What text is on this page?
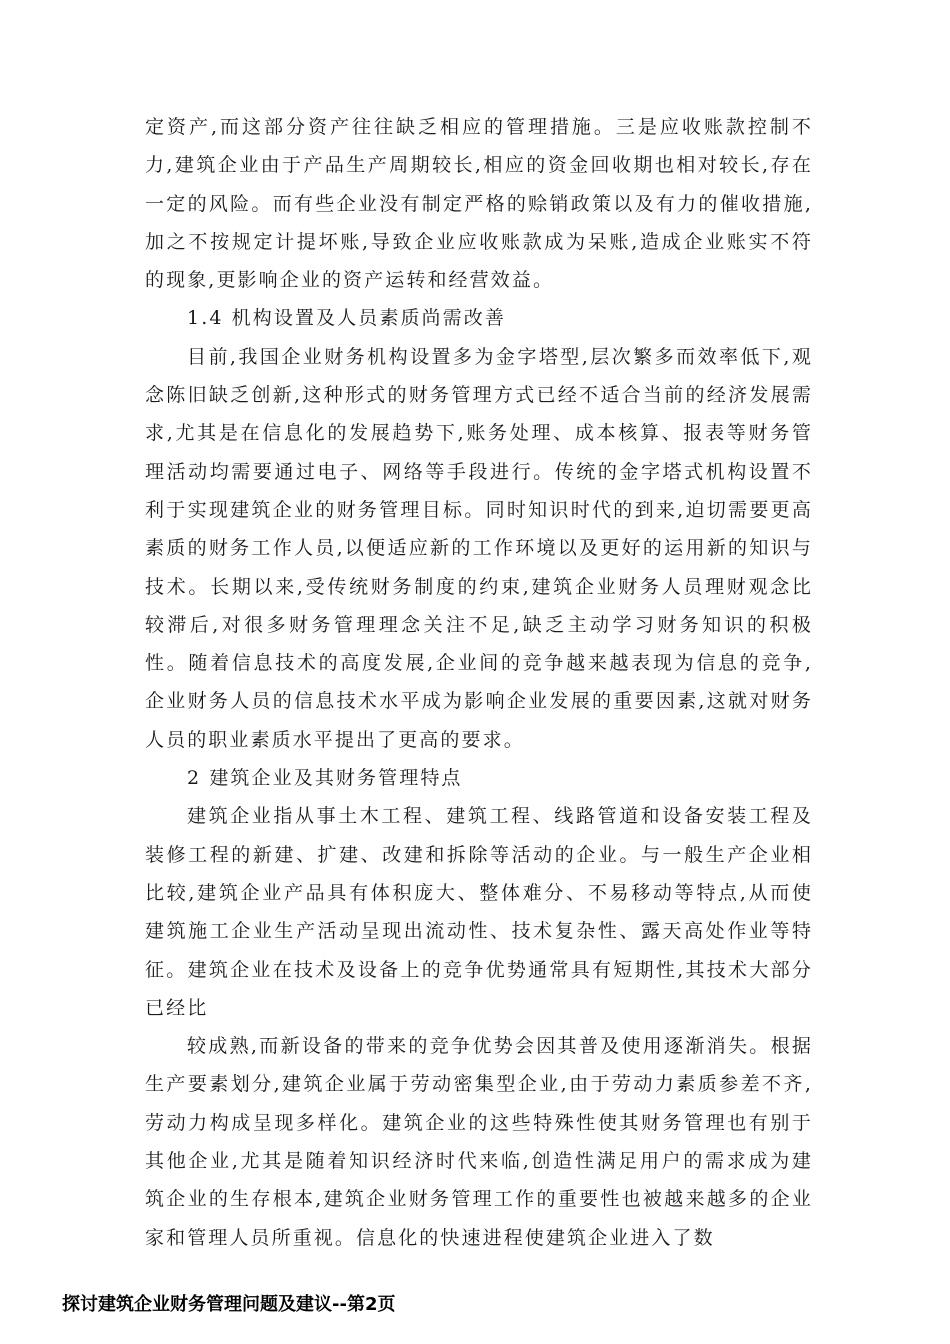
定资产,而这部分资产往往缺乏相应的管理措施。三是应收账款控制不力,建筑企业由于产品生产周期较长,相应的资金回收期也相对较长,存在一定的风险。而有些企业没有制定严格的赊销政策以及有力的催收措施,加之不按规定计提坏账,导致企业应收账款成为呆账,造成企业账实不符的现象,更影响企业的资产运转和经营效益。

1.4 机构设置及人员素质尚需改善

目前,我国企业财务机构设置多为金字塔型,层次繁多而效率低下,观念陈旧缺乏创新,这种形式的财务管理方式已经不适合当前的经济发展需求,尤其是在信息化的发展趋势下,账务处理、成本核算、报表等财务管理活动均需要通过电子、网络等手段进行。传统的金字塔式机构设置不利于实现建筑企业的财务管理目标。同时知识时代的到来,迫切需要更高素质的财务工作人员,以便适应新的工作环境以及更好的运用新的知识与技术。长期以来,受传统财务制度的约束,建筑企业财务人员理财观念比较滞后,对很多财务管理理念关注不足,缺乏主动学习财务知识的积极性。随着信息技术的高度发展,企业间的竞争越来越表现为信息的竞争,企业财务人员的信息技术水平成为影响企业发展的重要因素,这就对财务人员的职业素质水平提出了更高的要求。

2 建筑企业及其财务管理特点

建筑企业指从事土木工程、建筑工程、线路管道和设备安装工程及装修工程的新建、扩建、改建和拆除等活动的企业。与一般生产企业相比较,建筑企业产品具有体积庞大、整体难分、不易移动等特点,从而使建筑施工企业生产活动呈现出流动性、技术复杂性、露天高处作业等特征。建筑企业在技术及设备上的竞争优势通常具有短期性,其技术大部分已经比

较成熟,而新设备的带来的竞争优势会因其普及使用逐渐消失。根据生产要素划分,建筑企业属于劳动密集型企业,由于劳动力素质参差不齐,劳动力构成呈现多样化。建筑企业的这些特殊性使其财务管理也有别于其他企业,尤其是随着知识经济时代来临,创造性满足用户的需求成为建筑企业的生存根本,建筑企业财务管理工作的重要性也被越来越多的企业家和管理人员所重视。信息化的快速进程使建筑企业进入了数

探讨建筑企业财务管理问题及建议--第2页
